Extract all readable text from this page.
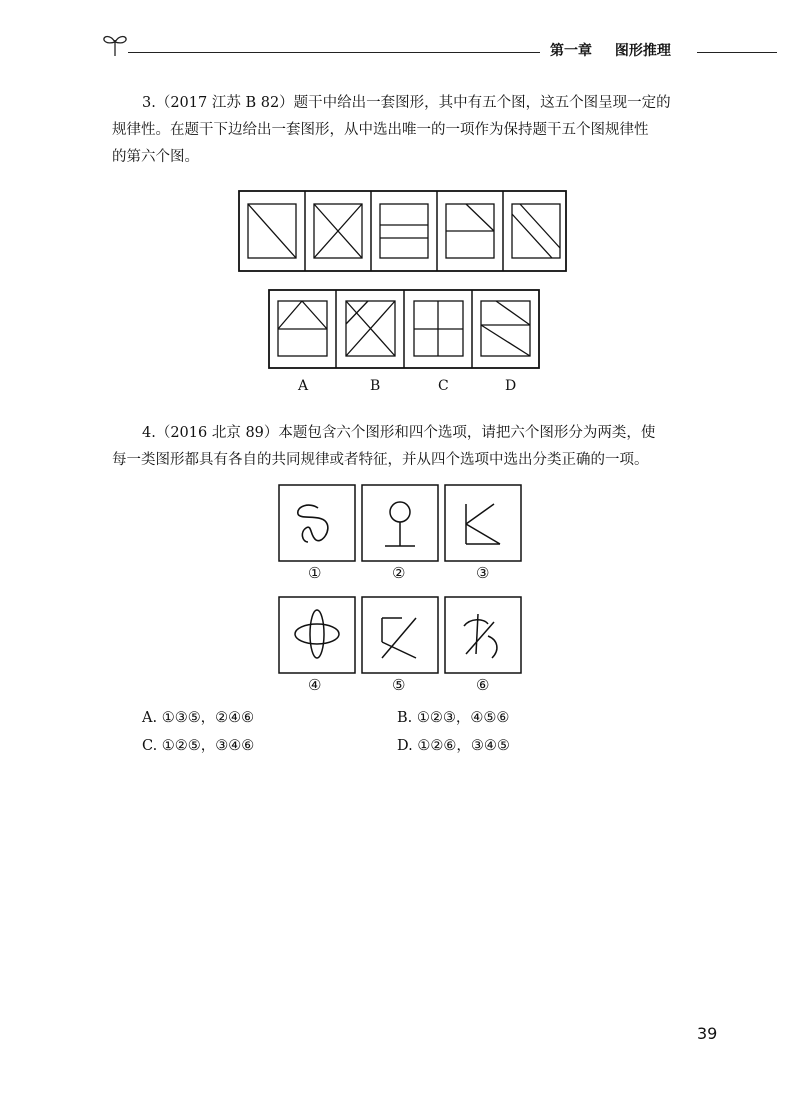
第一章 图形推理
3.（2017 江苏 B 82）题干中给出一套图形，其中有五个图，这五个图呈现一定的
规律性。在题干下边给出一套图形，从中选出唯一的一项作为保持题干五个图规律性
的第六个图。
A	B	C	D
4.（2016 北京 89）本题包含六个图形和四个选项，请把六个图形分为两类，使
每一类图形都具有各自的共同规律或者特征，并从四个选项中选出分类正确的一项。
①	②	③
④	⑤	⑥
A. ①③⑤，②④⑥	B. ①②③，④⑤⑥
C. ①②⑤，③④⑥	D. ①②⑥，③④⑤
39
